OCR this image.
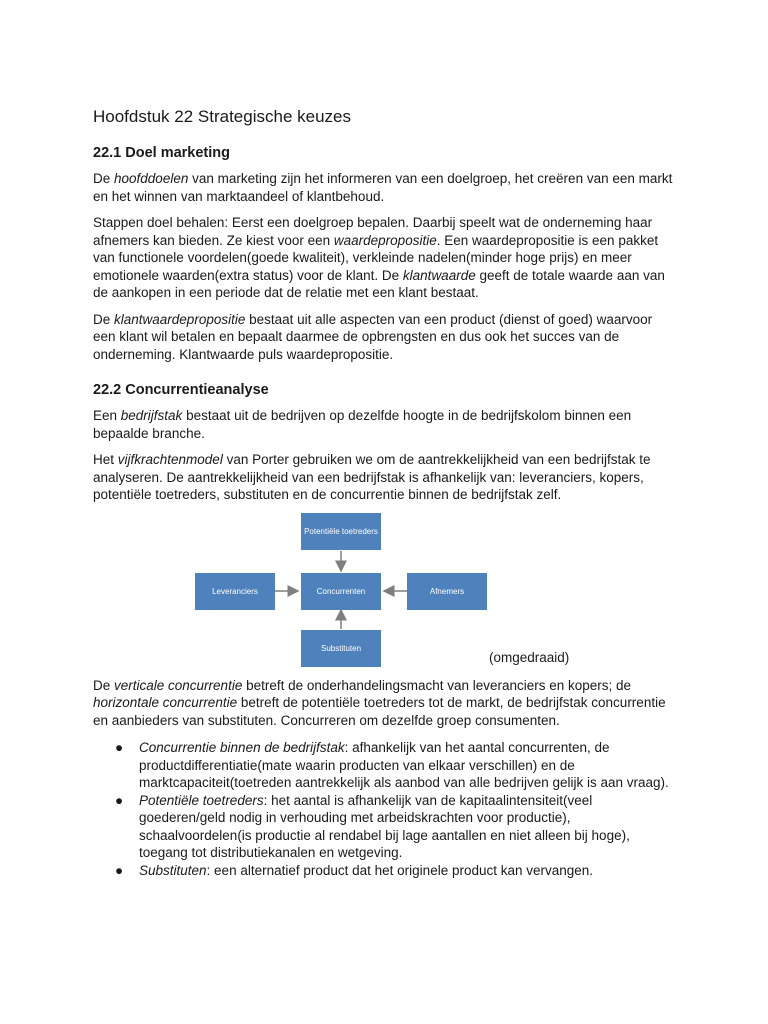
Hoofdstuk 22 Strategische keuzes
22.1 Doel marketing

De hoofddoelen van marketing zijn het informeren van een doelgroep, het creëren van een markt en het winnen van marktaandeel of klantbehoud.

Stappen doel behalen: Eerst een doelgroep bepalen. Daarbij speelt wat de onderneming haar afnemers kan bieden. Ze kiest voor een waardepropositie. Een waardepropositie is een pakket van functionele voordelen(goede kwaliteit), verkleinde nadelen(minder hoge prijs) en meer emotionele waarden(extra status) voor de klant. De klantwaarde geeft de totale waarde aan van de aankopen in een periode dat de relatie met een klant bestaat.

De klantwaardepropositie bestaat uit alle aspecten van een product (dienst of goed) waarvoor een klant wil betalen en bepaalt daarmee de opbrengsten en dus ook het succes van de onderneming. Klantwaarde puls waardepropositie.

22.2 Concurrentieanalyse

Een bedrijfstak bestaat uit de bedrijven op dezelfde hoogte in de bedrijfskolom binnen een bepaalde branche.

Het vijfkrachtenmodel van Porter gebruiken we om de aantrekkelijkheid van een bedrijfstak te analyseren. De aantrekkelijkheid van een bedrijfstak is afhankelijk van: leveranciers, kopers, potentiële toetreders, substituten en de concurrentie binnen de bedrijfstak zelf.

Potentiële toetreders
Leveranciers	Concurrenten	Afnemers
Substituten
(omgedraaid)

De verticale concurrentie betreft de onderhandelingsmacht van leveranciers en kopers; de horizontale concurrentie betreft de potentiële toetreders tot de markt, de bedrijfstak concurrentie en aanbieders van substituten. Concurreren om dezelfde groep consumenten.

● Concurrentie binnen de bedrijfstak: afhankelijk van het aantal concurrenten, de productdifferentiatie(mate waarin producten van elkaar verschillen) en de marktcapaciteit(toetreden aantrekkelijk als aanbod van alle bedrijven gelijk is aan vraag).
● Potentiële toetreders: het aantal is afhankelijk van de kapitaalintensiteit(veel goederen/geld nodig in verhouding met arbeidskrachten voor productie), schaalvoordelen(is productie al rendabel bij lage aantallen en niet alleen bij hoge), toegang tot distributiekanalen en wetgeving.
● Substituten: een alternatief product dat het originele product kan vervangen.
